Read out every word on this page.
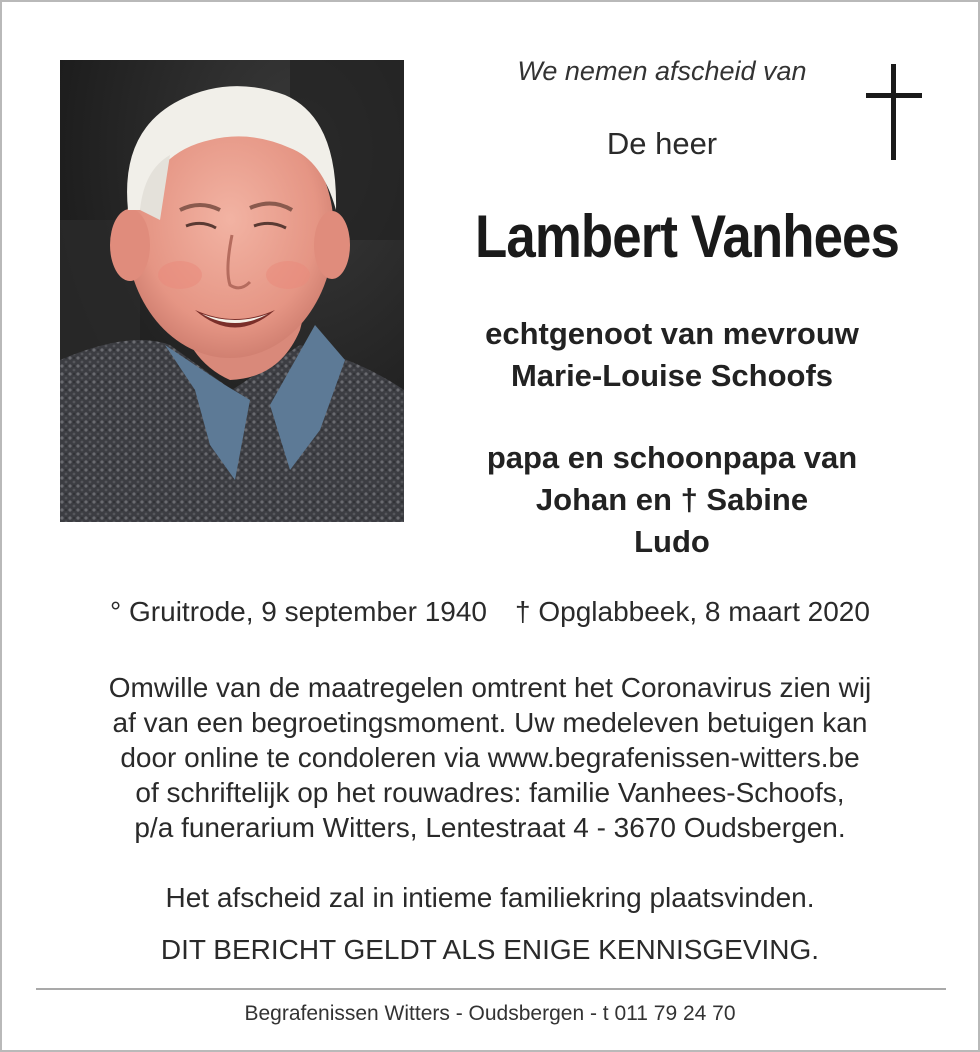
We nemen afscheid van
De heer
Lambert Vanhees
echtgenoot van mevrouw
Marie-Louise Schoofs
papa en schoonpapa van
Johan en † Sabine
Ludo
° Gruitrode, 9 september 1940 † Opglabbeek, 8 maart 2020
Omwille van de maatregelen omtrent het Coronavirus zien wij
af van een begroetingsmoment. Uw medeleven betuigen kan
door online te condoleren via www.begrafenissen-witters.be
of schriftelijk op het rouwadres: familie Vanhees-Schoofs,
p/a funerarium Witters, Lentestraat 4 - 3670 Oudsbergen.
Het afscheid zal in intieme familiekring plaatsvinden.
DIT BERICHT GELDT ALS ENIGE KENNISGEVING.
Begrafenissen Witters - Oudsbergen - t 011 79 24 70
